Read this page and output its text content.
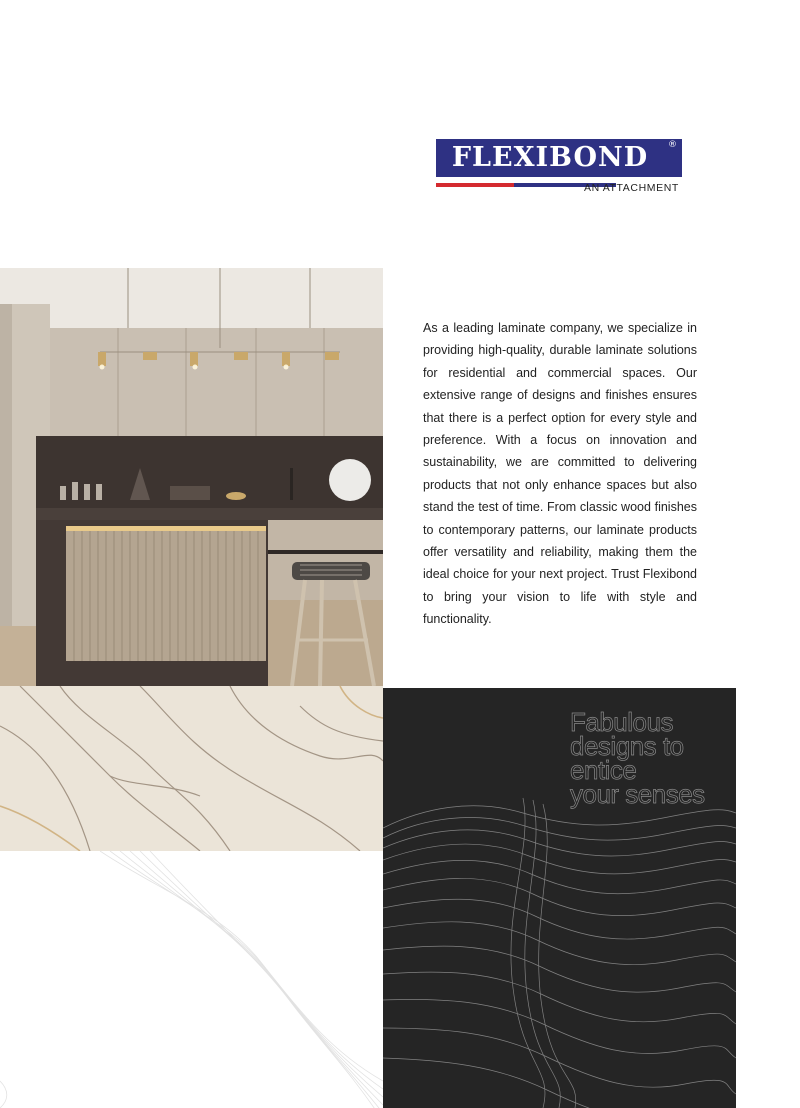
FLEXIBOND	®
AN ATTACHMENT

As a leading laminate company, we specialize in providing high-quality, durable laminate solutions for residential and commercial spaces. Our extensive range of designs and finishes ensures that there is a perfect option for every style and preference. With a focus on innovation and sustainability, we are committed to delivering products that not only enhance spaces but also stand the test of time. From classic wood finishes to contemporary patterns, our laminate products offer versatility and reliability, making them the ideal choice for your next project. Trust Flexibond to bring your vision to life with style and functionality.

Fabulous
designs to
entice
your senses
